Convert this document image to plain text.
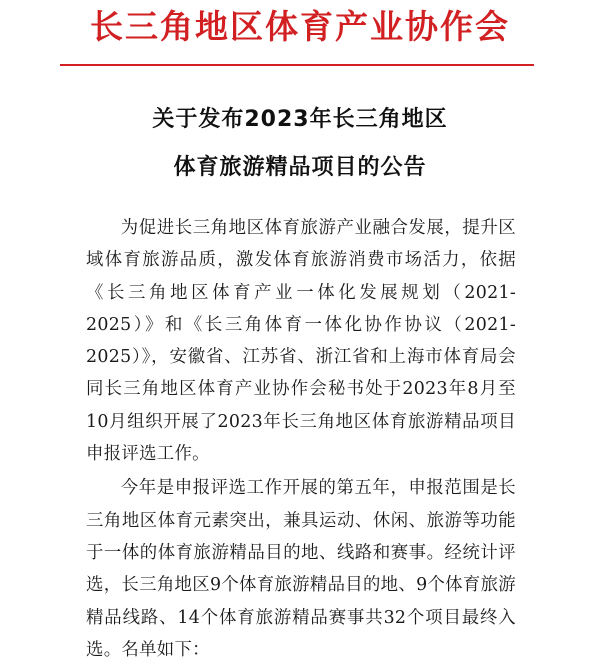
长三角地区体育产业协作会
关于发布2023年长三角地区
体育旅游精品项目的公告

为促进长三角地区体育旅游产业融合发展，提升区域体育旅游品质，激发体育旅游消费市场活力，依据《长三角地区体育产业一体化发展规划（2021-2025）》和《长三角体育一体化协作协议（2021-2025）》，安徽省、江苏省、浙江省和上海市体育局会同长三角地区体育产业协作会秘书处于2023年8月至10月组织开展了2023年长三角地区体育旅游精品项目申报评选工作。

今年是申报评选工作开展的第五年，申报范围是长三角地区体育元素突出，兼具运动、休闲、旅游等功能于一体的体育旅游精品目的地、线路和赛事。经统计评选，长三角地区9个体育旅游精品目的地、9个体育旅游精品线路、14个体育旅游精品赛事共32个项目最终入选。名单如下：
